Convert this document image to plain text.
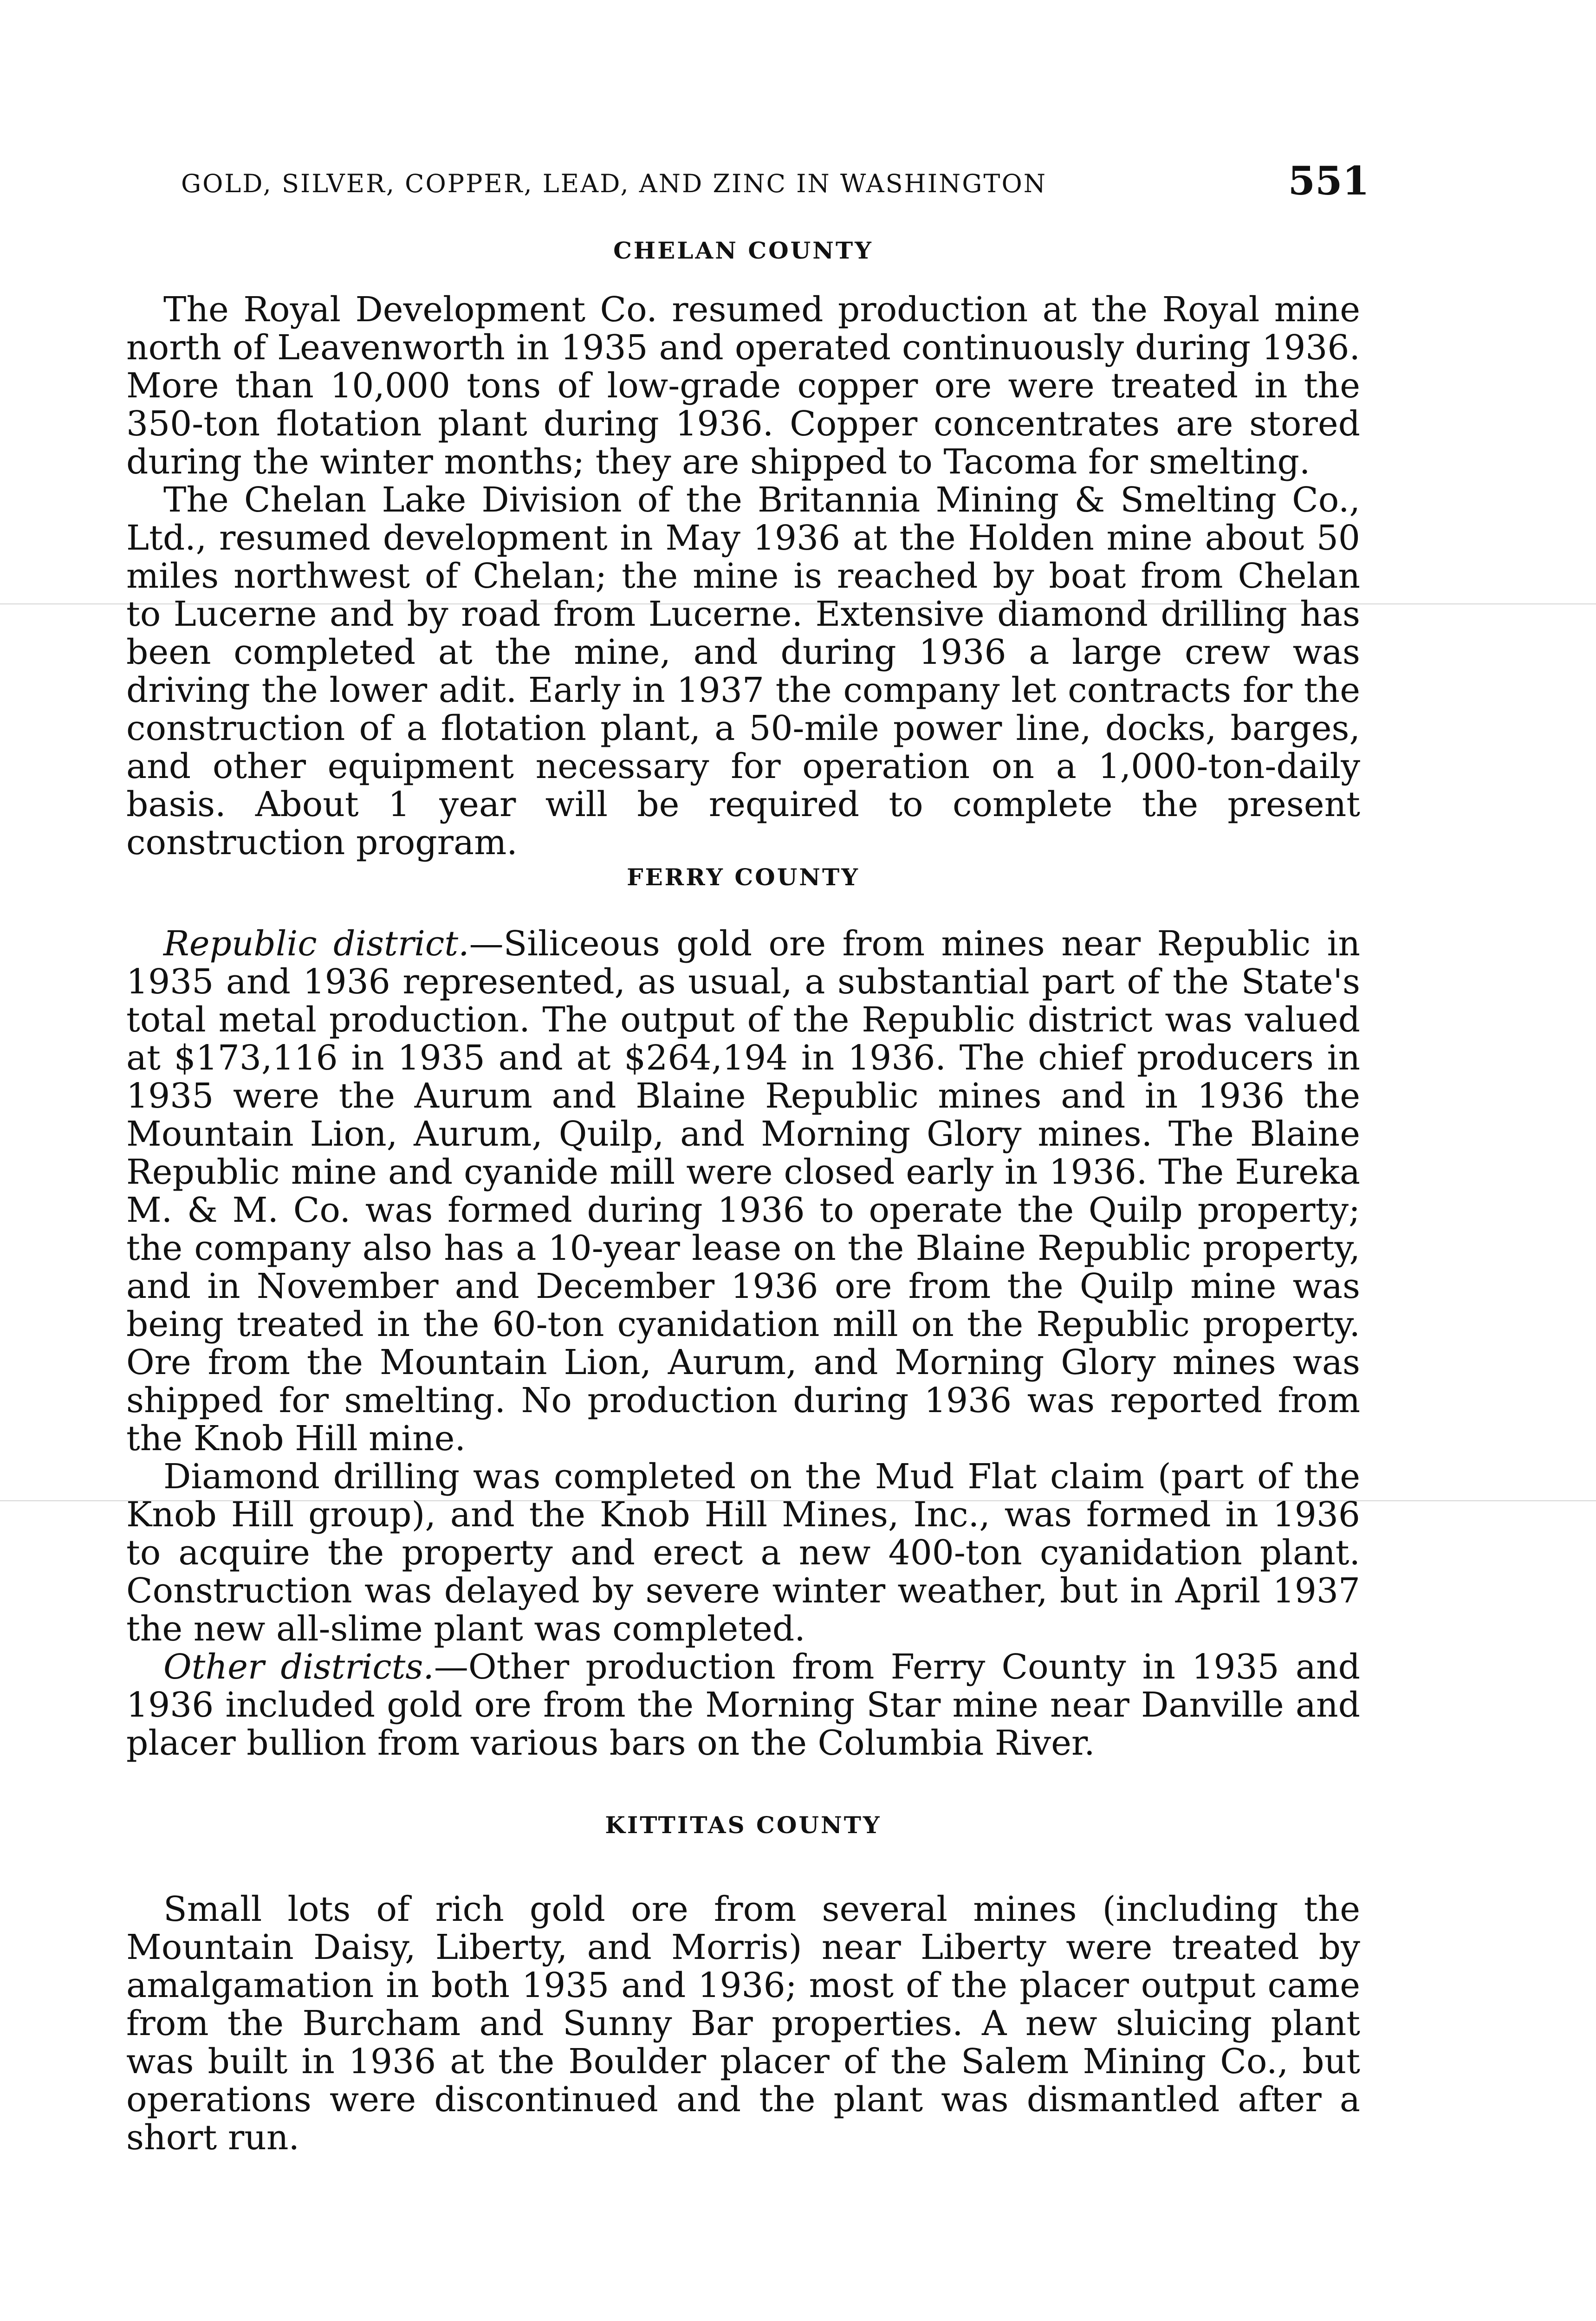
GOLD, SILVER, COPPER, LEAD, AND ZINC IN WASHINGTON	551
CHELAN COUNTY

The Royal Development Co. resumed production at the Royal mine north of Leavenworth in 1935 and operated continuously during 1936. More than 10,000 tons of low-grade copper ore were treated in the 350-ton flotation plant during 1936. Copper concentrates are stored during the winter months; they are shipped to Tacoma for smelting.

The Chelan Lake Division of the Britannia Mining & Smelting Co., Ltd., resumed development in May 1936 at the Holden mine about 50 miles northwest of Chelan; the mine is reached by boat from Chelan to Lucerne and by road from Lucerne. Extensive diamond drilling has been completed at the mine, and during 1936 a large crew was driving the lower adit. Early in 1937 the company let contracts for the construction of a flotation plant, a 50-mile power line, docks, barges, and other equipment necessary for operation on a 1,000-ton-daily basis. About 1 year will be required to complete the present construction program.

FERRY COUNTY

Republic district.—Siliceous gold ore from mines near Republic in 1935 and 1936 represented, as usual, a substantial part of the State's total metal production. The output of the Republic district was valued at $173,116 in 1935 and at $264,194 in 1936. The chief producers in 1935 were the Aurum and Blaine Republic mines and in 1936 the Mountain Lion, Aurum, Quilp, and Morning Glory mines. The Blaine Republic mine and cyanide mill were closed early in 1936. The Eureka M. & M. Co. was formed during 1936 to operate the Quilp property; the company also has a 10-year lease on the Blaine Republic property, and in November and December 1936 ore from the Quilp mine was being treated in the 60-ton cyanidation mill on the Republic property. Ore from the Mountain Lion, Aurum, and Morning Glory mines was shipped for smelting. No production during 1936 was reported from the Knob Hill mine.

Diamond drilling was completed on the Mud Flat claim (part of the Knob Hill group), and the Knob Hill Mines, Inc., was formed in 1936 to acquire the property and erect a new 400-ton cyanidation plant. Construction was delayed by severe winter weather, but in April 1937 the new all-slime plant was completed.

Other districts.—Other production from Ferry County in 1935 and 1936 included gold ore from the Morning Star mine near Danville and placer bullion from various bars on the Columbia River.

KITTITAS COUNTY

Small lots of rich gold ore from several mines (including the Mountain Daisy, Liberty, and Morris) near Liberty were treated by amalgamation in both 1935 and 1936; most of the placer output came from the Burcham and Sunny Bar properties. A new sluicing plant was built in 1936 at the Boulder placer of the Salem Mining Co., but operations were discontinued and the plant was dismantled after a short run.
